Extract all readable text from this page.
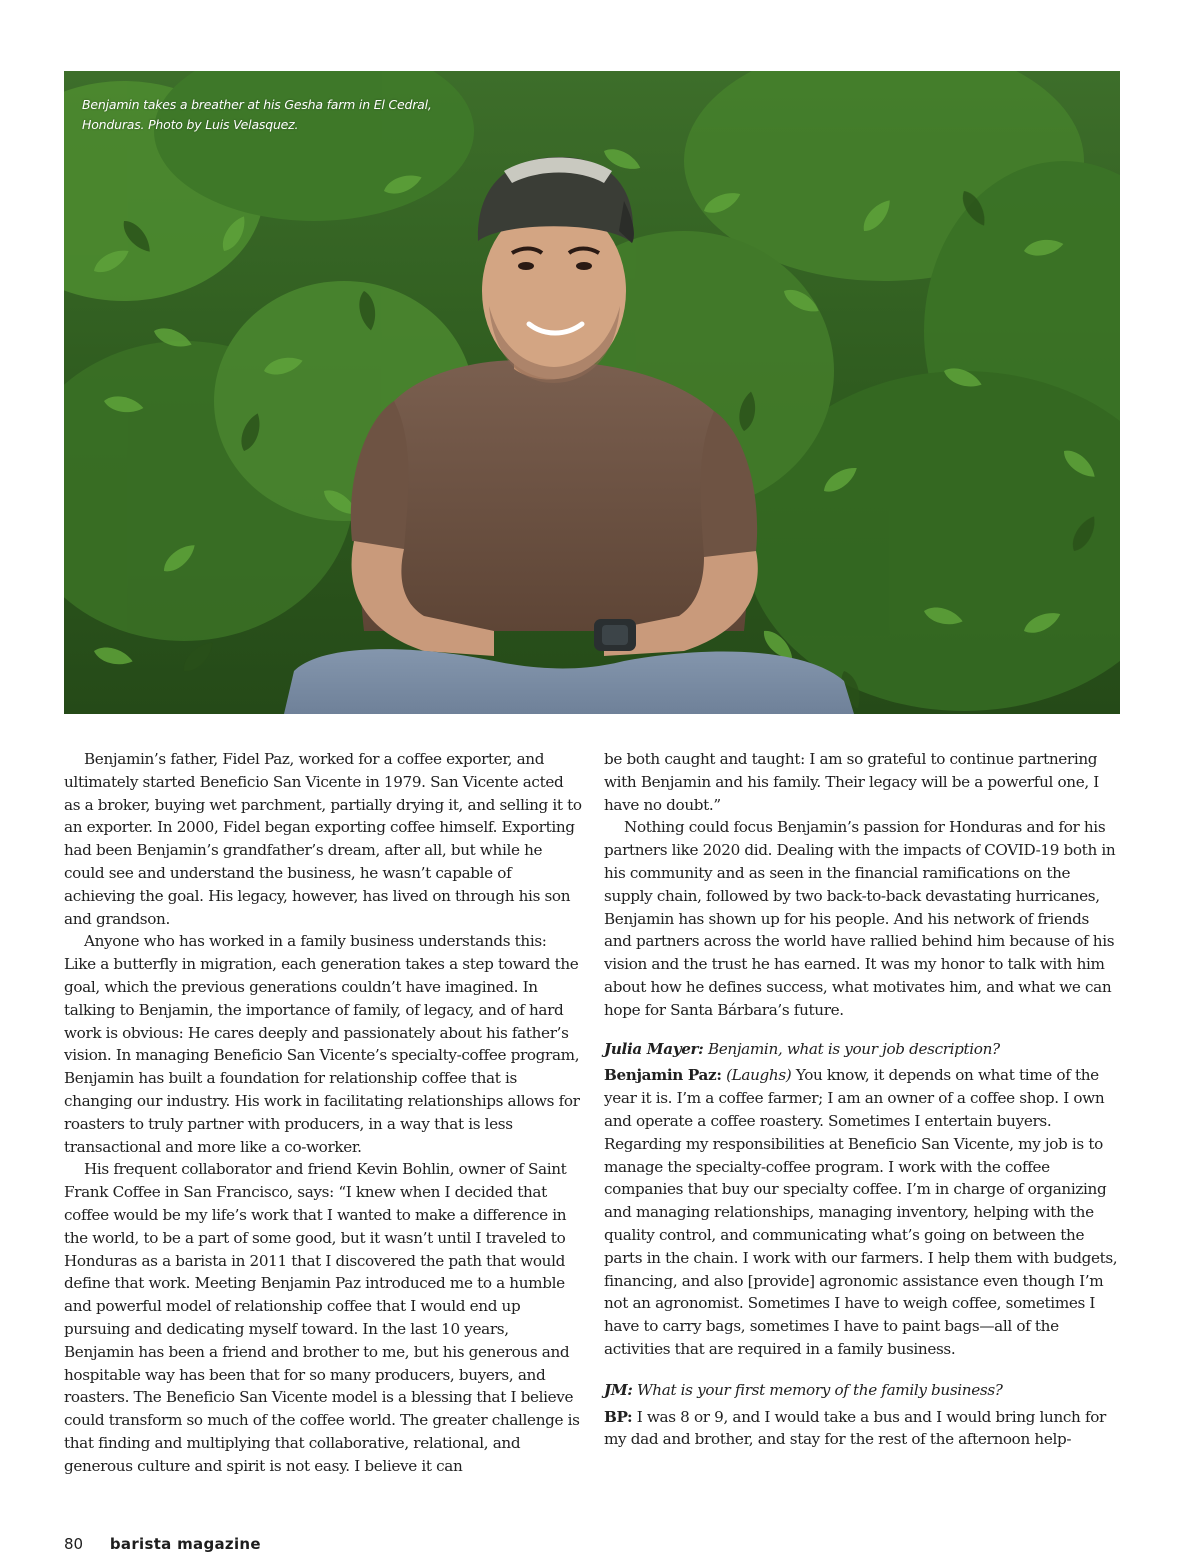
Benjamin takes a breather at his Gesha farm in El Cedral, Honduras. Photo by Luis Velasquez.

Benjamin’s father, Fidel Paz, worked for a coffee exporter, and ultimately started Beneficio San Vicente in 1979. San Vicente acted as a broker, buying wet parchment, partially drying it, and selling it to an exporter. In 2000, Fidel began exporting coffee himself. Exporting had been Benjamin’s grandfather’s dream, after all, but while he could see and understand the business, he wasn’t capable of achieving the goal. His legacy, however, has lived on through his son and grandson.

Anyone who has worked in a family business understands this: Like a butterfly in migration, each generation takes a step toward the goal, which the previous generations couldn’t have imagined. In talking to Benjamin, the importance of family, of legacy, and of hard work is obvious: He cares deeply and passionately about his father’s vision. In managing Beneficio San Vicente’s specialty-coffee program, Benjamin has built a foundation for relationship coffee that is changing our industry. His work in facilitating relationships allows for roasters to truly partner with producers, in a way that is less transactional and more like a co-worker.

His frequent collaborator and friend Kevin Bohlin, owner of Saint Frank Coffee in San Francisco, says: “I knew when I decided that coffee would be my life’s work that I wanted to make a difference in the world, to be a part of some good, but it wasn’t until I traveled to Honduras as a barista in 2011 that I discovered the path that would define that work. Meeting Benjamin Paz introduced me to a humble and powerful model of relationship coffee that I would end up pursuing and dedicating myself toward. In the last 10 years, Benjamin has been a friend and brother to me, but his generous and hospitable way has been that for so many producers, buyers, and roasters. The Beneficio San Vicente model is a blessing that I believe could transform so much of the coffee world. The greater challenge is that finding and multiplying that collaborative, relational, and generous culture and spirit is not easy. I believe it can

be both caught and taught: I am so grateful to continue partnering with Benjamin and his family. Their legacy will be a powerful one, I have no doubt.”

Nothing could focus Benjamin’s passion for Honduras and for his partners like 2020 did. Dealing with the impacts of COVID-19 both in his community and as seen in the financial ramifications on the supply chain, followed by two back-to-back devastating hurricanes, Benjamin has shown up for his people. And his network of friends and partners across the world have rallied behind him because of his vision and the trust he has earned. It was my honor to talk with him about how he defines success, what motivates him, and what we can hope for Santa Bárbara’s future.

Julia Mayer: Benjamin, what is your job description?

Benjamin Paz: (Laughs) You know, it depends on what time of the year it is. I’m a coffee farmer; I am an owner of a coffee shop. I own and operate a coffee roastery. Sometimes I entertain buyers. Regarding my responsibilities at Beneficio San Vicente, my job is to manage the specialty-coffee program. I work with the coffee companies that buy our specialty coffee. I’m in charge of organizing and managing relationships, managing inventory, helping with the quality control, and communicating what’s going on between the parts in the chain. I work with our farmers. I help them with budgets, financing, and also [provide] agronomic assistance even though I’m not an agronomist. Sometimes I have to weigh coffee, sometimes I have to carry bags, sometimes I have to paint bags—all of the activities that are required in a family business.

JM: What is your first memory of the family business?

BP: I was 8 or 9, and I would take a bus and I would bring lunch for my dad and brother, and stay for the rest of the afternoon help-

80 barista magazine
